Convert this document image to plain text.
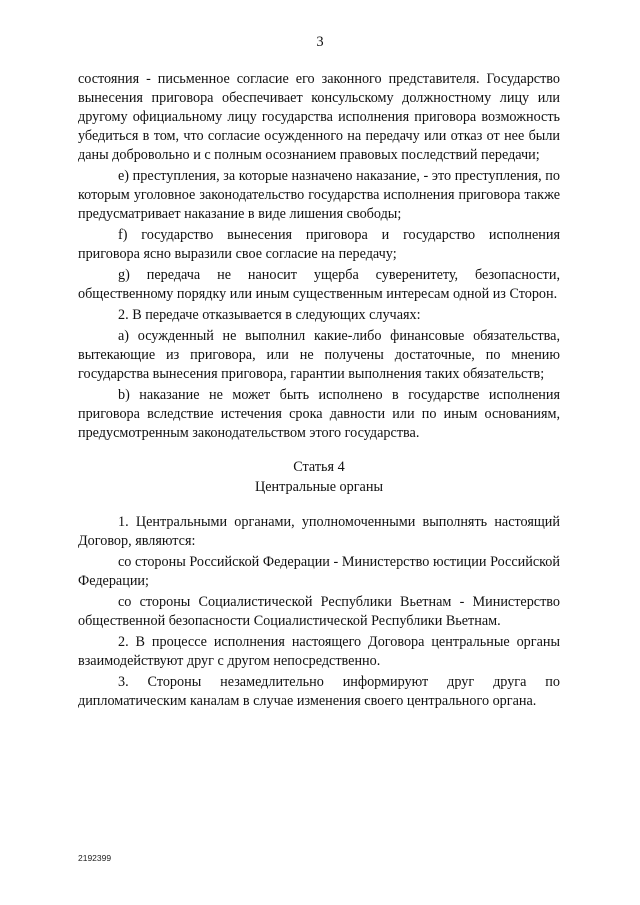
3

состояния - письменное согласие его законного представителя. Государство вынесения приговора обеспечивает консульскому должностному лицу или другому официальному лицу государства исполнения приговора возможность убедиться в том, что согласие осужденного на передачу или отказ от нее были даны добровольно и с полным осознанием правовых последствий передачи;

е) преступления, за которые назначено наказание, - это преступления, по которым уголовное законодательство государства исполнения приговора также предусматривает наказание в виде лишения свободы;

f) государство вынесения приговора и государство исполнения приговора ясно выразили свое согласие на передачу;

g) передача не наносит ущерба суверенитету, безопасности, общественному порядку или иным существенным интересам одной из Сторон.

2. В передаче отказывается в следующих случаях:

а) осужденный не выполнил какие-либо финансовые обязательства, вытекающие из приговора, или не получены достаточные, по мнению государства вынесения приговора, гарантии выполнения таких обязательств;

b) наказание не может быть исполнено в государстве исполнения приговора вследствие истечения срока давности или по иным основаниям, предусмотренным законодательством этого государства.

Статья 4
Центральные органы

1. Центральными органами, уполномоченными выполнять настоящий Договор, являются:

со стороны Российской Федерации - Министерство юстиции Российской Федерации;

со стороны Социалистической Республики Вьетнам - Министерство общественной безопасности Социалистической Республики Вьетнам.

2. В процессе исполнения настоящего Договора центральные органы взаимодействуют друг с другом непосредственно.

3. Стороны незамедлительно информируют друг друга по дипломатическим каналам в случае изменения своего центрального органа.

2192399
